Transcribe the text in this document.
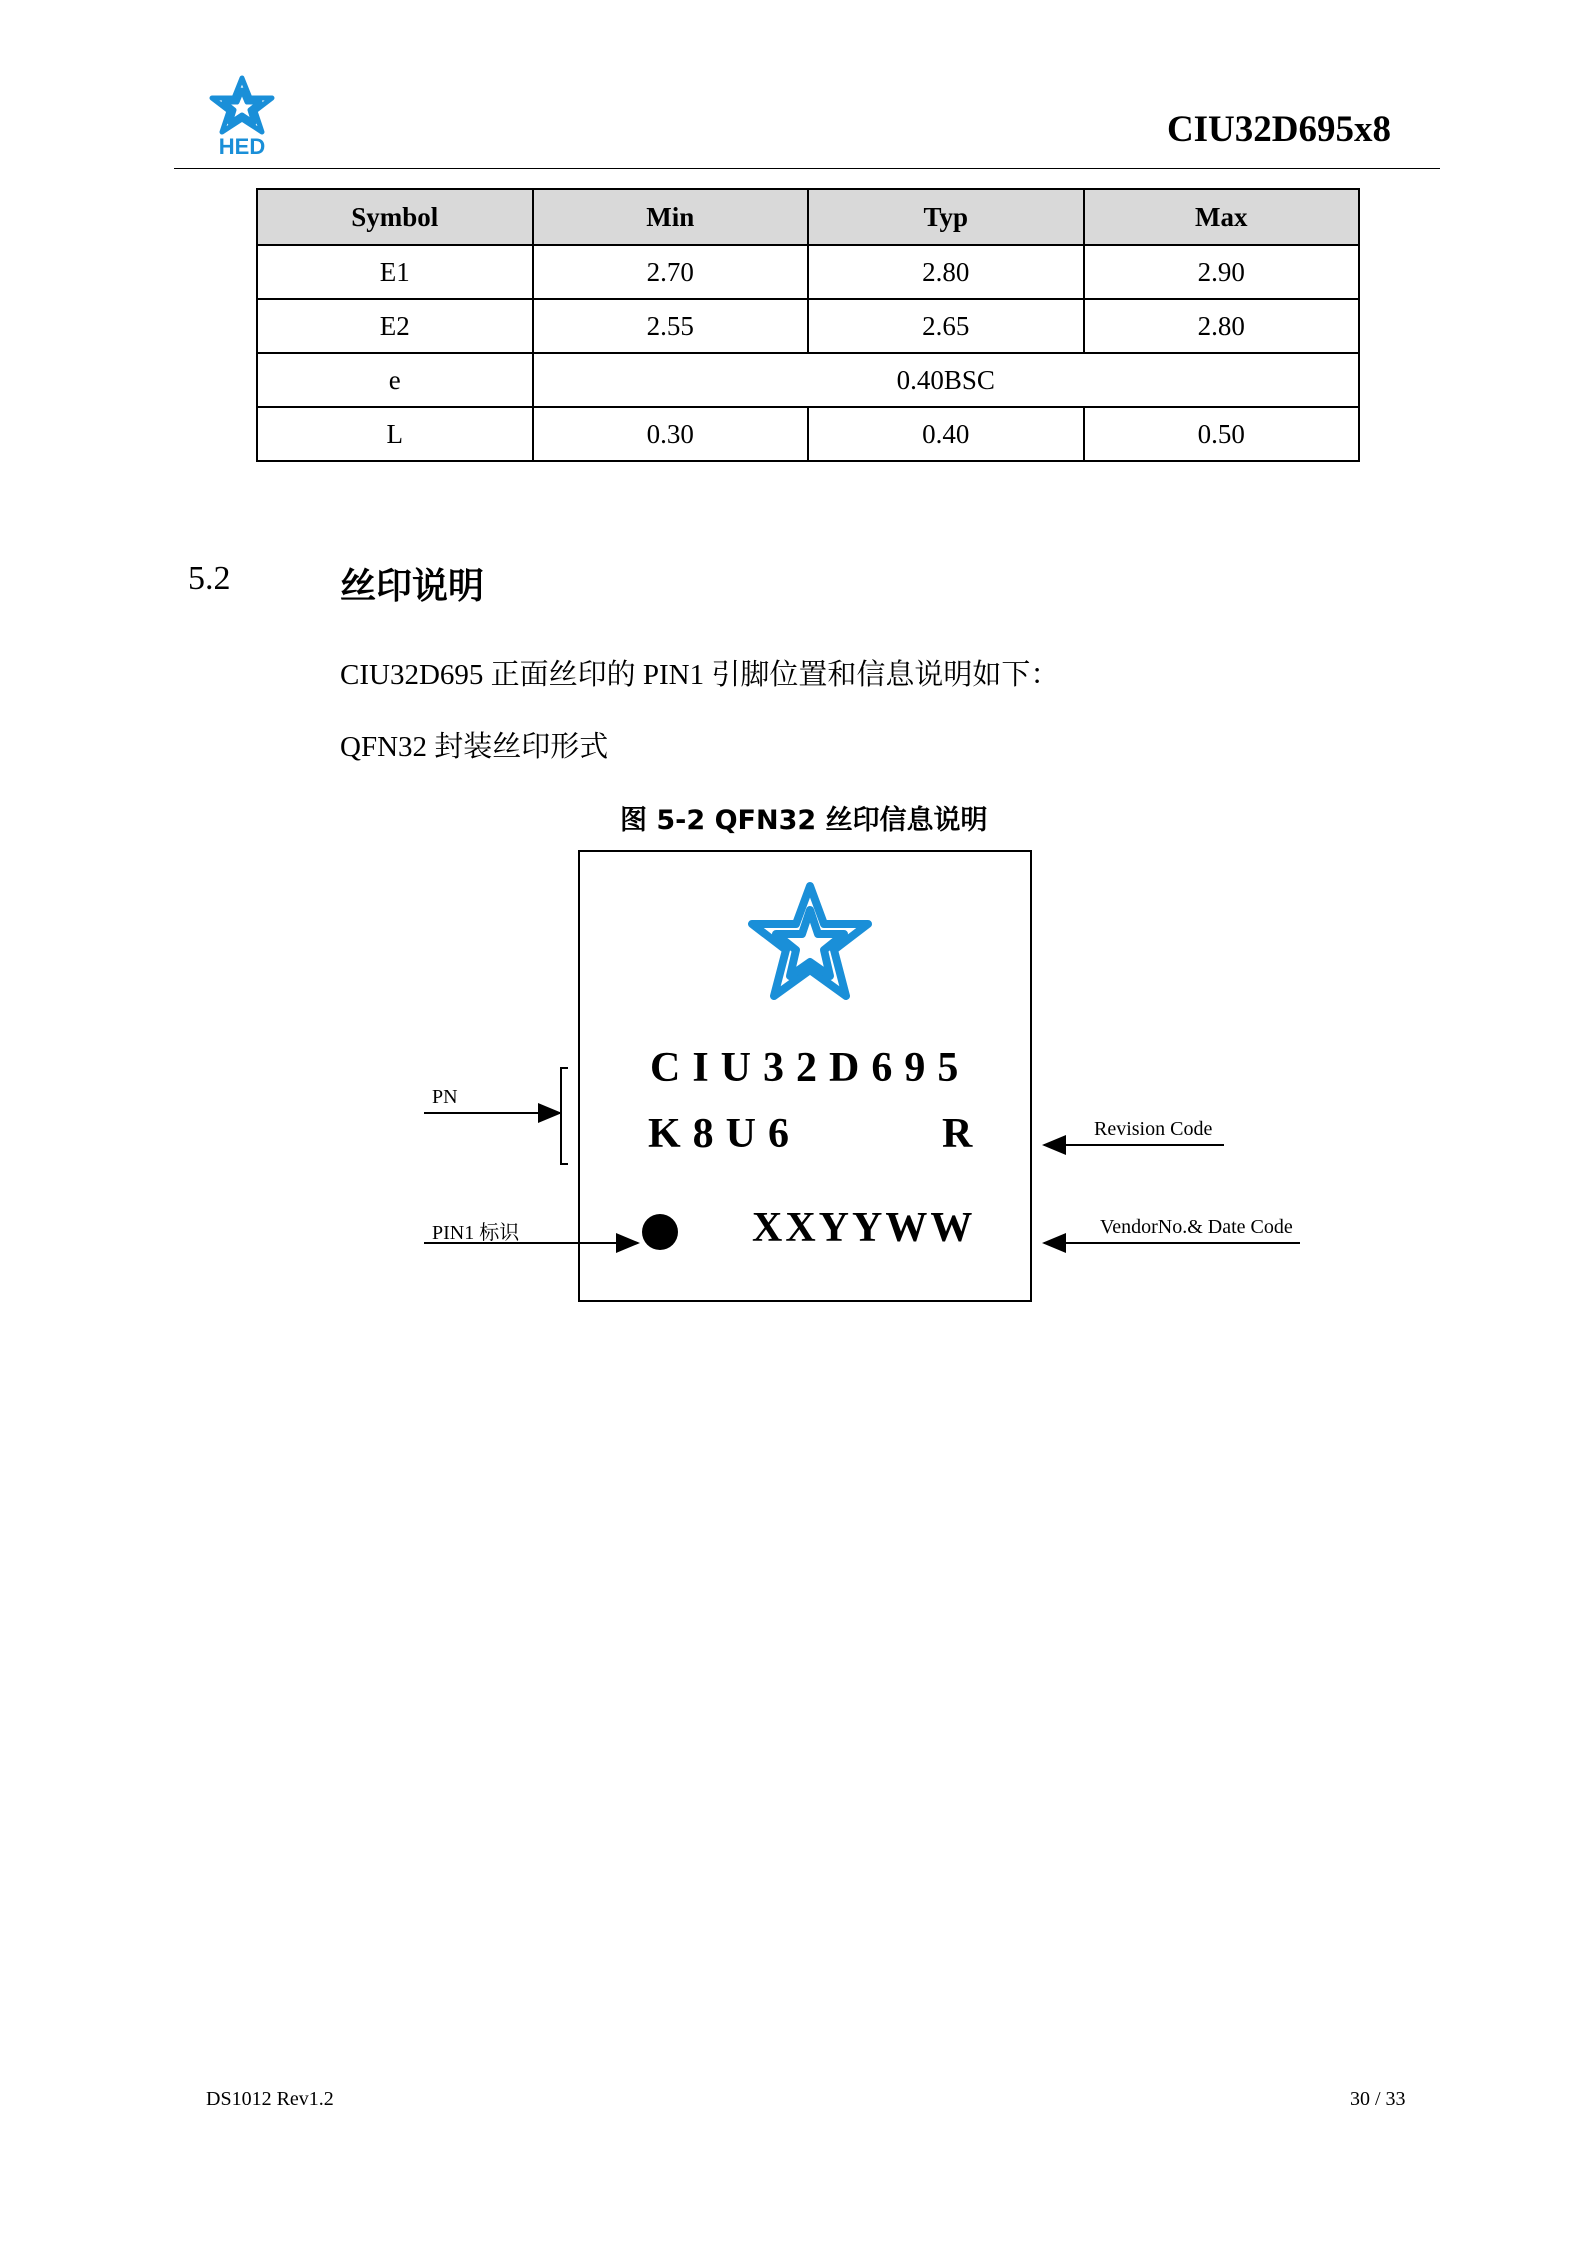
HED	CIU32D695x8
Symbol	Min	Typ	Max
E1	2.70	2.80	2.90
E2	2.55	2.65	2.80
e	0.40BSC		
L	0.30	0.40	0.50
5.2	丝印说明
CIU32D695 正面丝印的 PIN1 引脚位置和信息说明如下：
QFN32 封装丝印形式
图 5-2 QFN32 丝印信息说明
CIU32D695
K8U6	R
XXYYWW
PN
PIN1 标识
Revision Code
VendorNo.& Date Code
DS1012 Rev1.2	30 / 33
